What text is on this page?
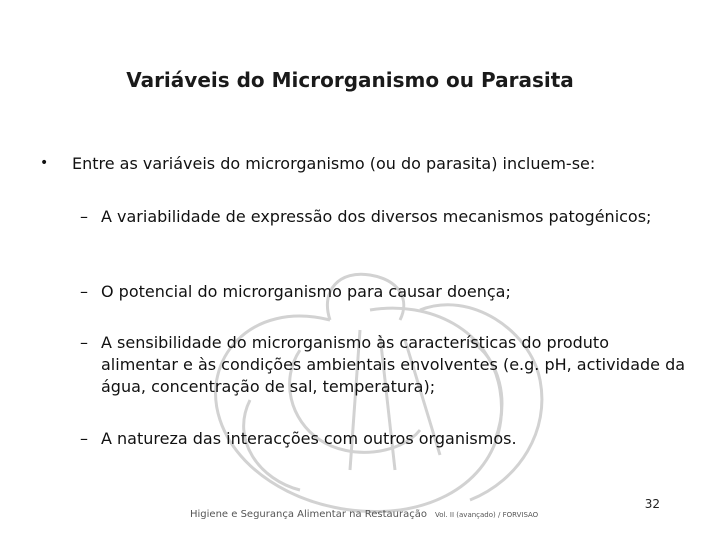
Variáveis do Microrganismo ou Parasita
• Entre as variáveis do microrganismo (ou do parasita) incluem-se:
– A variabilidade de expressão dos diversos mecanismos patogénicos;
– O potencial do microrganismo para causar doença;
– A sensibilidade do microrganismo às características do produto alimentar e às condições ambientais envolventes (e.g. pH, actividade da água, concentração de sal, temperatura);
– A natureza das interacções com outros organismos.
32
Higiene e Segurança Alimentar na Restauração Vol. II (avançado) / FORVISAO
